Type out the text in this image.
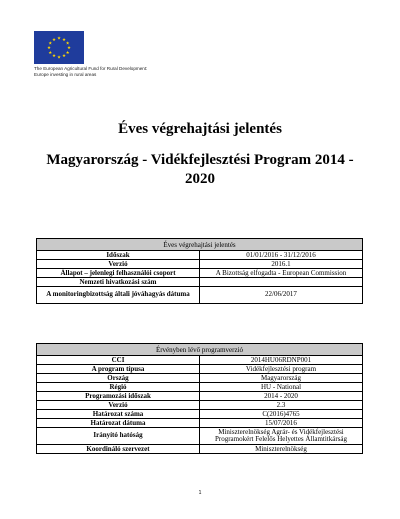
★ ★
★
★
★
★
★
★
★
★
★
★
The European Agricultural Fund for Rural Development:
Europe investing in rural areas
Éves végrehajtási jelentés
Magyarország - Vidékfejlesztési Program 2014 - 2020
Éves végrehajtási jelentés	
Időszak	01/01/2016 - 31/12/2016
Verzió	2016.1
Állapot – jelenlegi felhasználói csoport	A Bizottság elfogadta - European Commission
Nemzeti hivatkozási szám	
A monitoringbizottság általi jóváhagyás dátuma	22/06/2017
Érvényben lévő programverzió	
CCI	2014HU06RDNP001
A program típusa	Vidékfejlesztési program
Ország	Magyarország
Régió	HU - National
Programozási időszak	2014 - 2020
Verzió	2.3
Határozat száma	C(2016)4765
Határozat dátuma	15/07/2016
Irányító hatóság	Miniszterelnökség Agrár- és Vidékfejlesztési Programokért Felelős Helyettes Államtitkárság
Koordináló szervezet	Miniszterelnökség
1
